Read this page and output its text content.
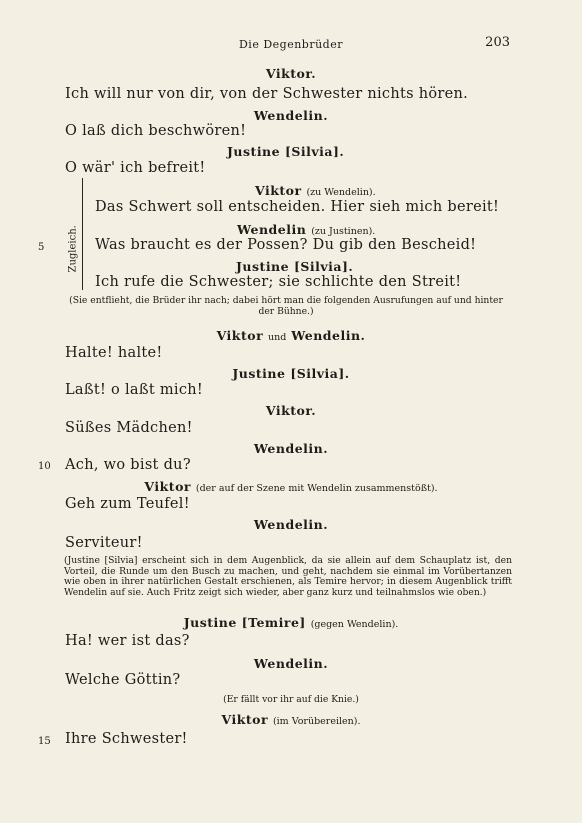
Die Degenbrüder	203
Viktor.
Ich will nur von dir, von der Schwester nichts hören.
Wendelin.
O laß dich beschwören!
Justine [Silvia].
O wär' ich befreit!
Zugleich.
Viktor (zu Wendelin).
Das Schwert soll entscheiden. Hier sieh mich bereit!
Wendelin (zu Justinen).
Was braucht es der Possen? Du gib den Bescheid!
5
Justine [Silvia].
Ich rufe die Schwester; sie schlichte den Streit!
(Sie entflieht, die Brüder ihr nach; dabei hört man die folgenden Ausrufungen auf und hinter der Bühne.)
Viktor und Wendelin.
Halte! halte!
Justine [Silvia].
Laßt! o laßt mich!
Viktor.
Süßes Mädchen!
Wendelin.
Ach, wo bist du?
10
Viktor (der auf der Szene mit Wendelin zusammenstößt).
Geh zum Teufel!
Wendelin.
Serviteur!
(Justine [Silvia] erscheint sich in dem Augenblick, da sie allein auf dem Schauplatz ist, den Vorteil, die Runde um den Busch zu machen, und geht, nachdem sie einmal im Vorübertanzen wie oben in ihrer natürlichen Gestalt erschienen, als Temire hervor; in diesem Augenblick trifft Wendelin auf sie. Auch Fritz zeigt sich wieder, aber ganz kurz und teilnahmslos wie oben.)
Justine [Temire] (gegen Wendelin).
Ha! wer ist das?
Wendelin.
Welche Göttin?
(Er fällt vor ihr auf die Knie.)
Viktor (im Vorübereilen).
Ihre Schwester!
15
